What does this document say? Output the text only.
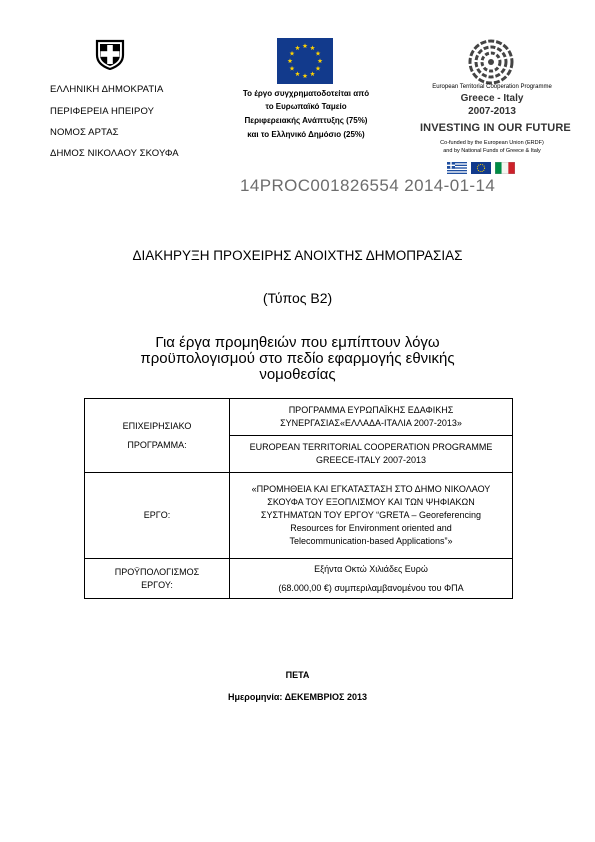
ΕΛΛΗΝΙΚΗ ΔΗΜΟΚΡΑΤΙΑ
ΠΕΡΙΦΕΡΕΙΑ ΗΠΕΙΡΟΥ
ΝΟΜΟΣ ΑΡΤΑΣ
ΔΗΜΟΣ ΝΙΚΟΛΑΟΥ ΣΚΟΥΦΑ
Το έργο συγχρηματοδοτείται από
το Ευρωπαϊκό Ταμείο
Περιφερειακής Ανάπτυξης (75%)
και το Ελληνικό Δημόσιο (25%)
European Territorial Cooperation Programme
Greece - Italy
2007-2013
INVESTING IN OUR FUTURE
Co-funded by the European Union (ERDF)
and by National Funds of Greece & Italy
14PROC001826554 2014-01-14
ΔΙΑΚΗΡΥΞΗ ΠΡΟΧΕΙΡΗΣ ΑΝΟΙΧΤΗΣ ΔΗΜΟΠΡΑΣΙΑΣ
(Τύπος Β2)
Για έργα προμηθειών που εμπίπτουν λόγω
προϋπολογισμού στο πεδίο εφαρμογής εθνικής
νομοθεσίας
ΕΠΙΧΕΙΡΗΣΙΑΚΟ
ΠΡΟΓΡΑΜΜΑ:	ΠΡΟΓΡΑΜΜΑ ΕΥΡΩΠΑΪΚΗΣ ΕΔΑΦΙΚΗΣ
ΣΥΝΕΡΓΑΣΙΑΣ«ΕΛΛΑΔΑ-ΙΤΑΛΙΑ 2007-2013»

	EUROPEAN TERRITORIAL COOPERATION PROGRAMME
GREECE-ITALY 2007-2013

ΕΡΓΟ:	«ΠΡΟΜΗΘΕΙΑ ΚΑΙ ΕΓΚΑΤΑΣΤΑΣΗ ΣΤΟ ΔΗΜΟ ΝΙΚΟΛΑΟΥ
ΣΚΟΥΦΑ ΤΟΥ ΕΞΟΠΛΙΣΜΟΥ ΚΑΙ ΤΩΝ ΨΗΦΙΑΚΩΝ
ΣΥΣΤΗΜΑΤΩΝ ΤΟΥ ΕΡΓΟΥ “GRETA – Georeferencing
Resources for Environment oriented and
Telecommunication-based Applications”»

ΠΡΟΫΠΟΛΟΓΙΣΜΟΣ
ΕΡΓΟΥ:	Εξήντα Οκτώ Χιλιάδες Ευρώ
(68.000,00 €) συμπεριλαμβανομένου του ΦΠΑ
ΠΕΤΑ
Ημερομηνία: ΔΕΚΕΜΒΡΙΟΣ 2013
